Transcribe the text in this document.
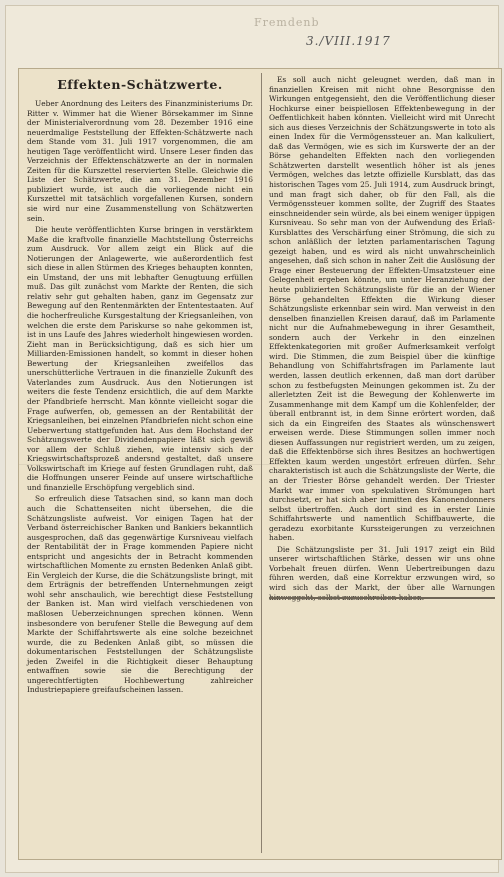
Fremdenb
3./VIII.1917
Effekten-Schätzwerte.

Ueber Anordnung des Leiters des Finanzministeriums Dr. Ritter v. Wimmer hat die Wiener Börsekammer im Sinne der Ministerialverordnung vom 28. Dezember 1916 eine neuerdmalige Feststellung der Effekten-Schätzwerte nach dem Stande vom 31. Juli 1917 vorgenommen, die am heutigen Tage veröffentlicht wird. Unsere Leser finden das Verzeichnis der Effektenschätzwerte an der in normalen Zeiten für die Kurszettel reservierten Stelle. Gleichwie die Liste der Schätzwerte, die am 31. Dezember 1916 publiziert wurde, ist auch die vorliegende nicht ein Kurszettel mit tatsächlich vorgefallenen Kursen, sondern sie wird nur eine Zusammenstellung von Schätzwerten sein.

Die heute veröffentlichten Kurse bringen in verstärktem Maße die kraftvolle finanzielle Machtstellung Österreichs zum Ausdruck. Vor allem zeigt ein Blick auf die Notierungen der Anlagewerte, wie außerordentlich fest sich diese in allen Stürmen des Krieges behaupten konnten, ein Umstand, der uns mit lebhafter Genugtuung erfüllen muß. Das gilt zunächst vom Markte der Renten, die sich relativ sehr gut gehalten haben, ganz im Gegensatz zur Bewegung auf den Rentenmärkten der Ententestaaten. Auf die hocherfreuliche Kursgestaltung der Kriegsanleihen, von welchen die erste dem Pariskurse so nahe gekommen ist, ist in uns Laufe des Jahres wiederholt hingewiesen worden. Zieht man in Berücksichtigung, daß es sich hier um Milliarden-Emissionen handelt, so kommt in dieser hohen Bewertung der Kriegsanleihen zweifellos das unerschütterliche Vertrauen in die finanzielle Zukunft des Vaterlandes zum Ausdruck. Aus den Notierungen ist weiters die feste Tendenz ersichtlich, die auf dem Markte der Pfandbriefe herrscht. Man könnte vielleicht sogar die Frage aufwerfen, ob, gemessen an der Rentabilität der Kriegsanleihen, bei einzelnen Pfandbriefen nicht schon eine Ueberwertung stattgefunden hat. Aus dem Hochstand der Schätzungswerte der Dividendenpapiere läßt sich gewiß vor allem der Schluß ziehen, wie intensiv sich der Kriegswirtschaftsprozeß andersnd gestaltet, daß unsere Volkswirtschaft im Kriege auf festen Grundlagen ruht, daß die Hoffnungen unserer Feinde auf unsere wirtschaftliche und finanzielle Erschöpfung vergeblich sind.

So erfreulich diese Tatsachen sind, so kann man doch auch die Schattenseiten nicht übersehen, die die Schätzungsliste aufweist. Vor einigen Tagen hat der Verband österreichischer Banken und Bankiers bekanntlich ausgesprochen, daß das gegenwärtige Kursniveau vielfach der Rentabilität der in Frage kommenden Papiere nicht entspricht und angesichts der in Betracht kommenden wirtschaftlichen Momente zu ernsten Bedenken Anlaß gibt. Ein Vergleich der Kurse, die die Schätzungsliste bringt, mit dem Erträgnis der betreffenden Unternehmungen zeigt wohl sehr anschaulich, wie berechtigt diese Feststellung der Banken ist. Man wird vielfach verschiedenen von maßlosen Ueberzeichnungen sprechen können. Wenn insbesondere von berufener Stelle die Bewegung auf dem Markte der Schiffahrtswerte als eine solche bezeichnet wurde, die zu Bedenken Anlaß gibt, so müssen die dokumentarischen Feststellungen der Schätzungsliste jeden Zweifel in die Richtigkeit dieser Behauptung entwaffnen sowie sie die Berechtigung der ungerechtfertigten Hochbewertung zahlreicher Industriepapiere greifaufscheinen lassen.

Es soll auch nicht geleugnet werden, daß man in finanziellen Kreisen mit nicht ohne Besorgnisse den Wirkungen entgegensieht, den die Veröffentlichung dieser Hochkurse einer beispiellosen Effektenbewegung in der Oeffentlichkeit haben könnten. Vielleicht wird mit Unrecht sich aus dieses Verzeichnis der Schätzungswerte in toto als einen Index für die Vermögenssteuer an. Man kalkuliert, daß das Vermögen, wie es sich im Kurswerte der an der Börse gehandelten Effekten nach den vorliegenden Schätzwerten darstellt wesentlich höher ist als jenes Vermögen, welches das letzte offizielle Kursblatt, das das historischen Tages vom 25. Juli 1914, zum Ausdruck bringt, und man fragt sich daher, ob für den Fall, als die Vermögenssteuer kommen sollte, der Zugriff des Staates einschneidender sein würde, als bei einem weniger üppigen Kursniveau. So sehr man von der Aufwendung des Erlaß-Kursblattes des Verschärfung einer Strömung, die sich zu schon anläßlich der letzten parlamentarischen Tagung gezeigt haben, und es wird als nicht unwahrscheinlich angesehen, daß sich schon in naher Zeit die Auslösung der Frage einer Besteuerung der Effekten-Umsatzsteuer eine Gelegenheit ergeben könnte, um unter Heranziehung der heute publizierten Schätzungsliste für die an der Wiener Börse gehandelten Effekten die Wirkung dieser Schätzungsliste erkennbar sein wird. Man verweist in den denselben finanziellen Kreisen darauf, daß im Parlamente nicht nur die Aufnahmebewegung in ihrer Gesamtheit, sondern auch der Verkehr in den einzelnen Effektenkategorien mit großer Aufmerksamkeit verfolgt wird. Die Stimmen, die zum Beispiel über die künftige Behandlung von Schiffahrtsfragen im Parlamente laut werden, lassen deutlich erkennen, daß man dort darüber schon zu festbefugsten Meinungen gekommen ist. Zu der allerletzten Zeit ist die Bewegung der Kohlenwerte im Zusammenhange mit dem Kampf um die Kohlenfelder, der überall entbrannt ist, in dem Sinne erörtert worden, daß sich da ein Eingreifen des Staates als wünschenswert erweisen werde. Diese Stimmungen sollen immer noch diesen Auffassungen nur registriert werden, um zu zeigen, daß die Effektenbörse sich ihres Besitzes an hochwertigen Effekten kaum werden ungestört erfreuen dürfen. Sehr charakteristisch ist auch die Schätzungsliste der Werte, die an der Triester Börse gehandelt werden. Der Triester Markt war immer von spekulativen Strömungen hart durchsetzt, er hat sich aber inmitten des Kanonendonners selbst übertroffen. Auch dort sind es in erster Linie Schiffahrtswerte und namentlich Schiffbauwerte, die geradezu exorbitante Kurssteigerungen zu verzeichnen haben.

Die Schätzungsliste per 31. Juli 1917 zeigt ein Bild unserer wirtschaftlichen Stärke, dessen wir uns ohne Vorbehalt freuen dürfen. Wenn Uebertreibungen dazu führen werden, daß eine Korrektur erzwungen wird, so wird sich das der Markt, der über alle Warnungen
